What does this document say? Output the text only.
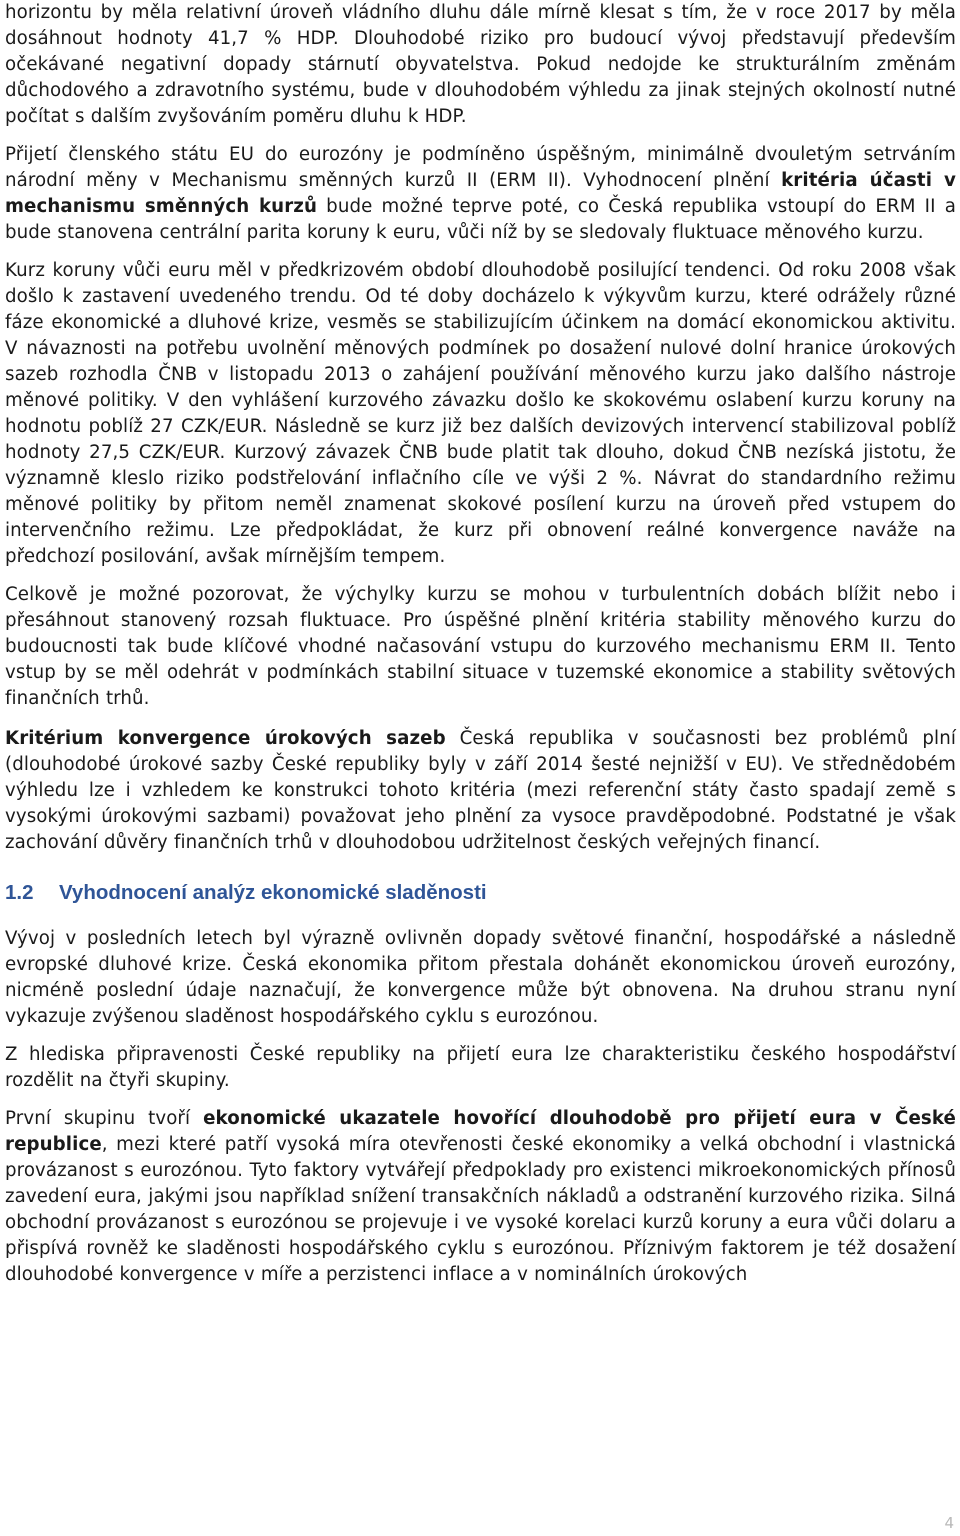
horizontu by měla relativní úroveň vládního dluhu dále mírně klesat s tím, že v roce 2017 by měla dosáhnout hodnoty 41,7 % HDP. Dlouhodobé riziko pro budoucí vývoj představují především očekávané negativní dopady stárnutí obyvatelstva. Pokud nedojde ke strukturálním změnám důchodového a zdravotního systému, bude v dlouhodobém výhledu za jinak stejných okolností nutné počítat s dalším zvyšováním poměru dluhu k HDP.

Přijetí členského státu EU do eurozóny je podmíněno úspěšným, minimálně dvouletým setrváním národní měny v Mechanismu směnných kurzů II (ERM II). Vyhodnocení plnění kritéria účasti v mechanismu směnných kurzů bude možné teprve poté, co Česká republika vstoupí do ERM II a bude stanovena centrální parita koruny k euru, vůči níž by se sledovaly fluktuace měnového kurzu.

Kurz koruny vůči euru měl v předkrizovém období dlouhodobě posilující tendenci. Od roku 2008 však došlo k zastavení uvedeného trendu. Od té doby docházelo k výkyvům kurzu, které odrážely různé fáze ekonomické a dluhové krize, vesměs se stabilizujícím účinkem na domácí ekonomickou aktivitu. V návaznosti na potřebu uvolnění měnových podmínek po dosažení nulové dolní hranice úrokových sazeb rozhodla ČNB v listopadu 2013 o zahájení používání měnového kurzu jako dalšího nástroje měnové politiky. V den vyhlášení kurzového závazku došlo ke skokovému oslabení kurzu koruny na hodnotu poblíž 27 CZK/EUR. Následně se kurz již bez dalších devizových intervencí stabilizoval poblíž hodnoty 27,5 CZK/EUR. Kurzový závazek ČNB bude platit tak dlouho, dokud ČNB nezíská jistotu, že významně kleslo riziko podstřelování inflačního cíle ve výši 2 %. Návrat do standardního režimu měnové politiky by přitom neměl znamenat skokové posílení kurzu na úroveň před vstupem do intervenčního režimu. Lze předpokládat, že kurz při obnovení reálné konvergence naváže na předchozí posilování, avšak mírnějším tempem.

Celkově je možné pozorovat, že výchylky kurzu se mohou v turbulentních dobách blížit nebo i přesáhnout stanovený rozsah fluktuace. Pro úspěšné plnění kritéria stability měnového kurzu do budoucnosti tak bude klíčové vhodné načasování vstupu do kurzového mechanismu ERM II. Tento vstup by se měl odehrát v podmínkách stabilní situace v tuzemské ekonomice a stability světových finančních trhů.

Kritérium konvergence úrokových sazeb Česká republika v současnosti bez problémů plní (dlouhodobé úrokové sazby České republiky byly v září 2014 šesté nejnižší v EU). Ve střednědobém výhledu lze i vzhledem ke konstrukci tohoto kritéria (mezi referenční státy často spadají země s vysokými úrokovými sazbami) považovat jeho plnění za vysoce pravděpodobné. Podstatné je však zachování důvěry finančních trhů v dlouhodobou udržitelnost českých veřejných financí.

1.2 Vyhodnocení analýz ekonomické sladěnosti

Vývoj v posledních letech byl výrazně ovlivněn dopady světové finanční, hospodářské a následně evropské dluhové krize. Česká ekonomika přitom přestala dohánět ekonomickou úroveň eurozóny, nicméně poslední údaje naznačují, že konvergence může být obnovena. Na druhou stranu nyní vykazuje zvýšenou sladěnost hospodářského cyklu s eurozónou.

Z hlediska připravenosti České republiky na přijetí eura lze charakteristiku českého hospodářství rozdělit na čtyři skupiny.

První skupinu tvoří ekonomické ukazatele hovořící dlouhodobě pro přijetí eura v České republice, mezi které patří vysoká míra otevřenosti české ekonomiky a velká obchodní i vlastnická provázanost s eurozónou. Tyto faktory vytvářejí předpoklady pro existenci mikroekonomických přínosů zavedení eura, jakými jsou například snížení transakčních nákladů a odstranění kurzového rizika. Silná obchodní provázanost s eurozónou se projevuje i ve vysoké korelaci kurzů koruny a eura vůči dolaru a přispívá rovněž ke sladěnosti hospodářského cyklu s eurozónou. Příznivým faktorem je též dosažení dlouhodobé konvergence v míře a perzistenci inflace a v nominálních úrokových

4
